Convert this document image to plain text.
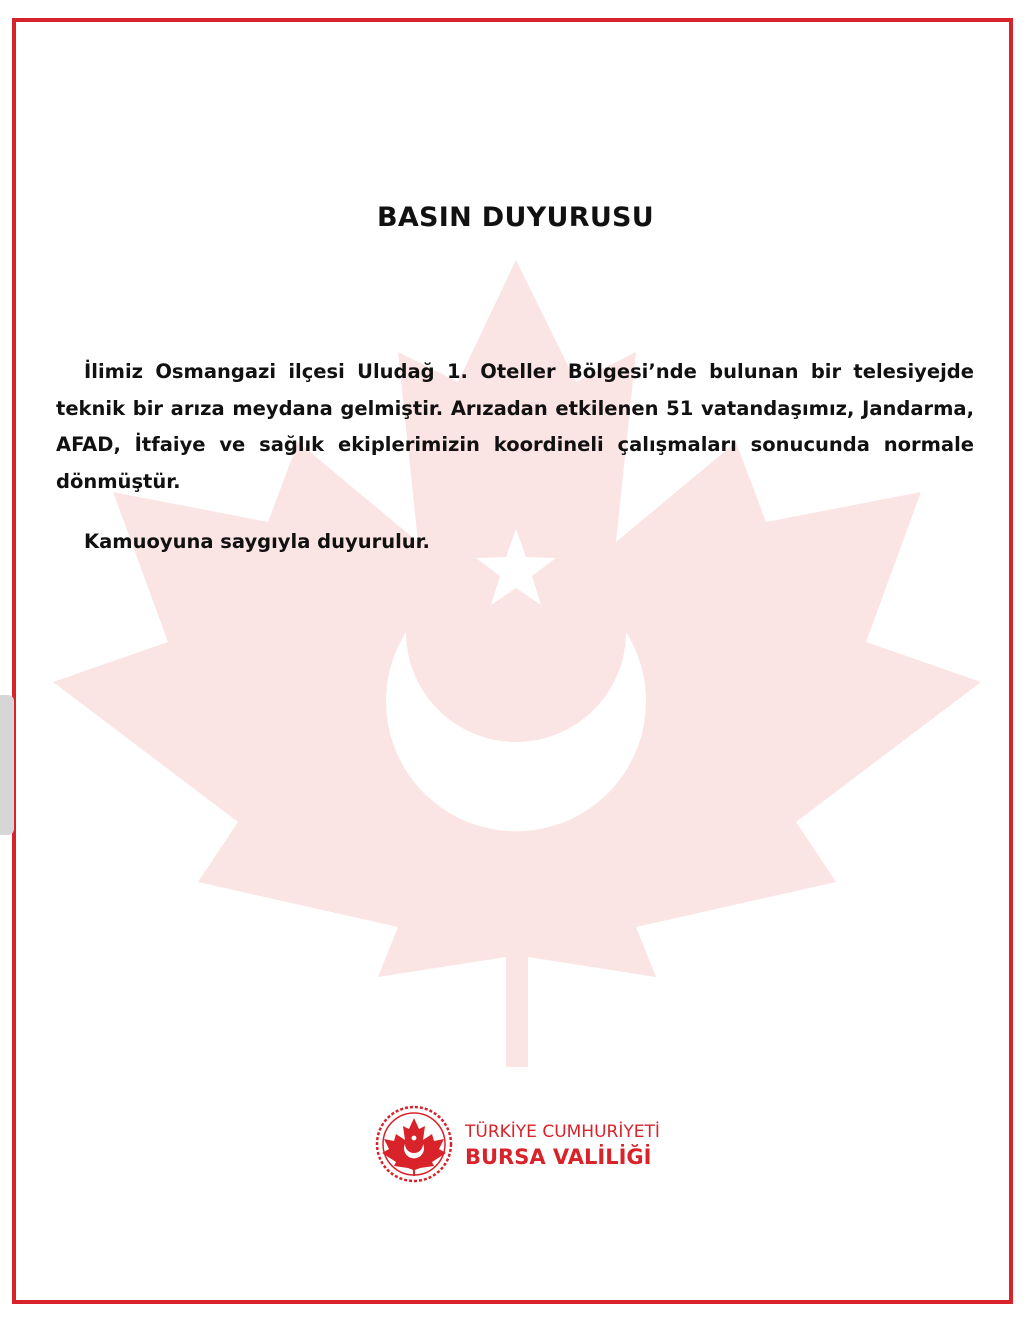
BASIN DUYURUSU

İlimiz Osmangazi ilçesi Uludağ 1. Oteller Bölgesi’nde bulunan bir telesiyejde teknik bir arıza meydana gelmiştir. Arızadan etkilenen 51 vatandaşımız, Jandarma, AFAD, İtfaiye ve sağlık ekiplerimizin koordineli çalışmaları sonucunda normale dönmüştür.

Kamuoyuna saygıyla duyurulur.

TÜRKİYE CUMHURİYETİ
BURSA VALİLİĞİ
